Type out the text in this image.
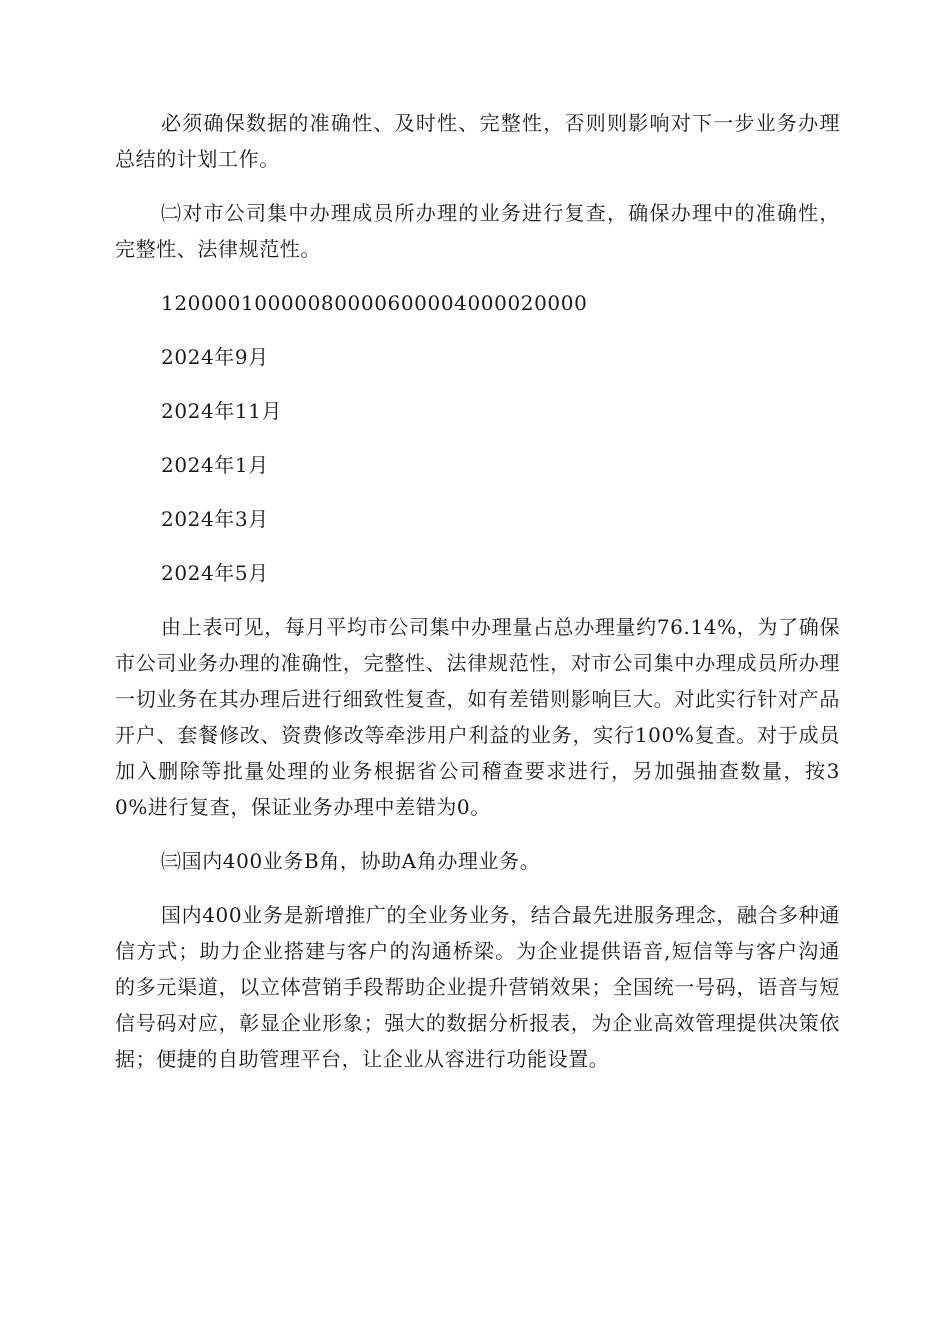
必须确保数据的准确性、及时性、完整性，否则则影响对下一步业务办理总结的计划工作。

㈡对市公司集中办理成员所办理的业务进行复查，确保办理中的准确性，完整性、法律规范性。

12000010000080000600004000020000

2024年9月

2024年11月

2024年1月

2024年3月

2024年5月

由上表可见，每月平均市公司集中办理量占总办理量约76.14%，为了确保市公司业务办理的准确性，完整性、法律规范性，对市公司集中办理成员所办理一切业务在其办理后进行细致性复查，如有差错则影响巨大。对此实行针对产品开户、套餐修改、资费修改等牵涉用户利益的业务，实行100%复查。对于成员加入删除等批量处理的业务根据省公司稽查要求进行，另加强抽查数量，按30%进行复查，保证业务办理中差错为0。

㈢国内400业务B角，协助A角办理业务。

国内400业务是新增推广的全业务业务，结合最先进服务理念，融合多种通信方式；助力企业搭建与客户的沟通桥梁。为企业提供语音,短信等与客户沟通的多元渠道，以立体营销手段帮助企业提升营销效果；全国统一号码，语音与短信号码对应，彰显企业形象；强大的数据分析报表，为企业高效管理提供决策依据；便捷的自助管理平台，让企业从容进行功能设置。
